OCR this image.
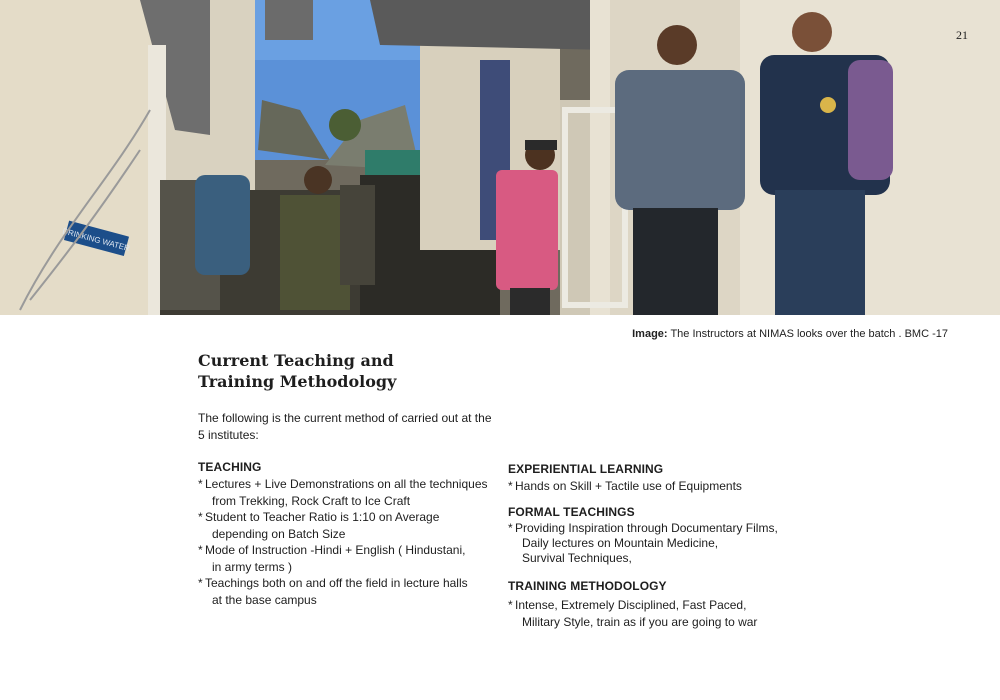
DRINKING WATER
21
Image: The Instructors at NIMAS looks over the batch . BMC -17
Current Teaching and
Training Methodology

The following is the current method of carried out at the 5 institutes:

TEACHING
* Lectures + Live Demonstrations on all the techniques
from Trekking, Rock Craft to Ice Craft
* Student to Teacher Ratio is 1:10 on Average
depending on Batch Size
* Mode of Instruction -Hindi + English ( Hindustani,
in army terms )
* Teachings both on and off the field in lecture halls
at the base campus
EXPERIENTIAL LEARNING
* Hands on Skill + Tactile use of Equipments
FORMAL TEACHINGS
* Providing Inspiration through Documentary Films,
Daily lectures on Mountain Medicine,
Survival Techniques,
TRAINING METHODOLOGY
* Intense, Extremely Disciplined, Fast Paced,
Military Style, train as if you are going to war
